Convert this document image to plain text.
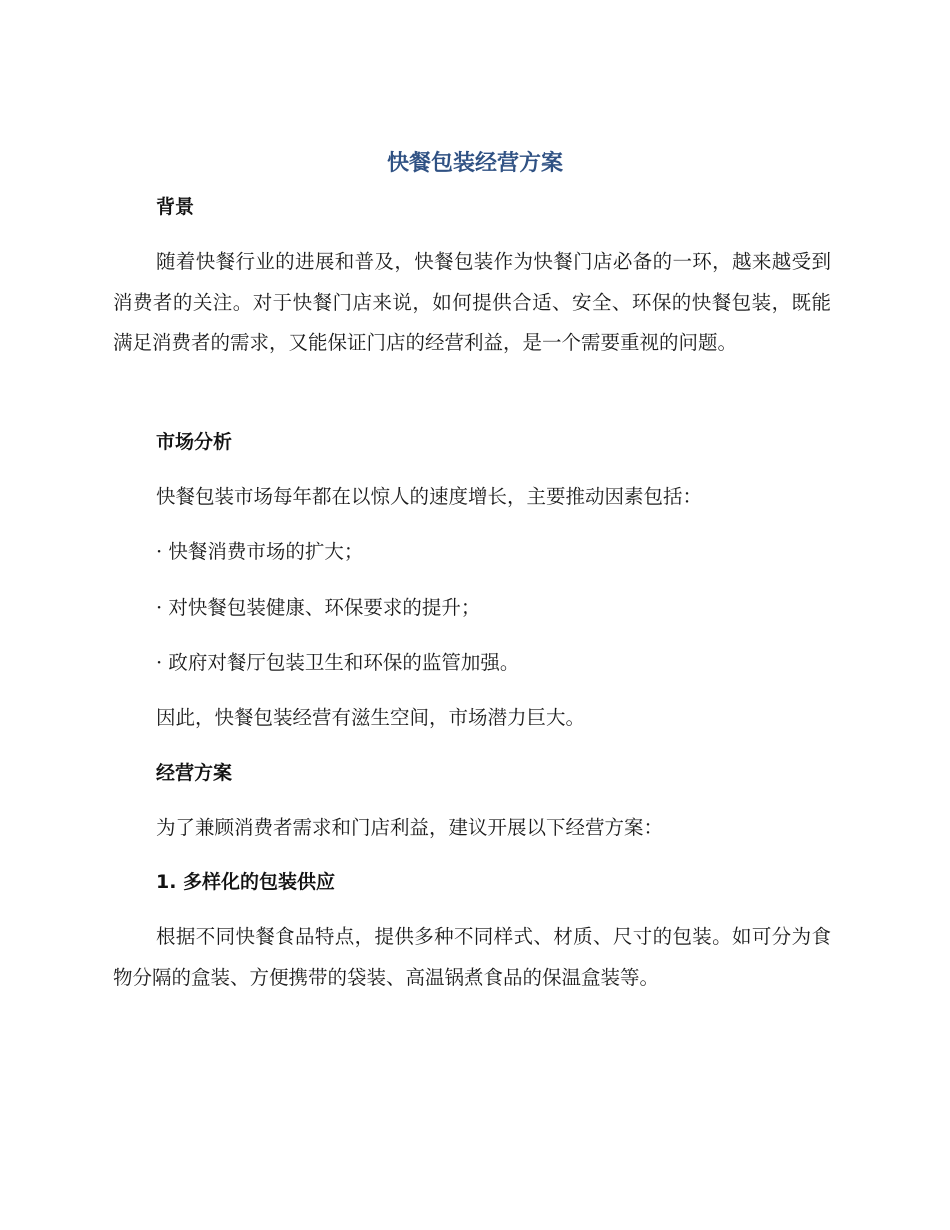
快餐包装经营方案
背景
随着快餐行业的进展和普及，快餐包装作为快餐门店必备的一环，越来越受到消费者的关注。对于快餐门店来说，如何提供合适、安全、环保的快餐包装，既能满足消费者的需求，又能保证门店的经营利益，是一个需要重视的问题。
市场分析
快餐包装市场每年都在以惊人的速度增长，主要推动因素包括：
· 快餐消费市场的扩大；
· 对快餐包装健康、环保要求的提升；
· 政府对餐厅包装卫生和环保的监管加强。
因此，快餐包装经营有滋生空间，市场潜力巨大。
经营方案
为了兼顾消费者需求和门店利益，建议开展以下经营方案：
1. 多样化的包装供应
根据不同快餐食品特点，提供多种不同样式、材质、尺寸的包装。如可分为食物分隔的盒装、方便携带的袋装、高温锅煮食品的保温盒装等。
